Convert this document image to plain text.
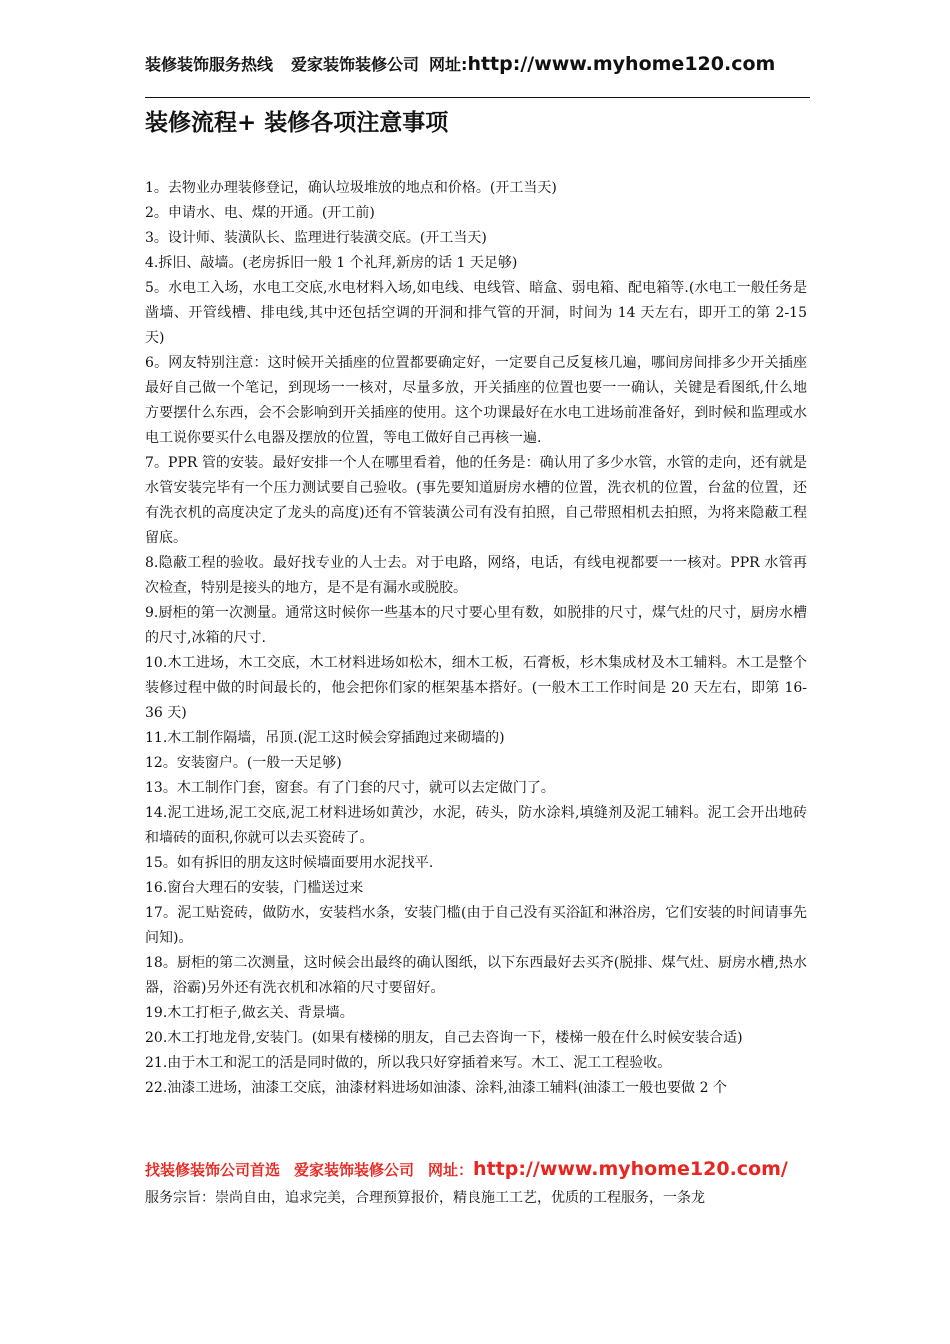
装修装饰服务热线 爱家装饰装修公司 网址:http://www.myhome120.com
装修流程+ 装修各项注意事项

1。去物业办理装修登记，确认垃圾堆放的地点和价格。(开工当天)

2。申请水、电、煤的开通。(开工前)

3。设计师、装潢队长、监理进行装潢交底。(开工当天)

4.拆旧、敲墙。(老房拆旧一般 1 个礼拜,新房的话 1 天足够)

5。水电工入场，水电工交底,水电材料入场,如电线、电线管、暗盒、弱电箱、配电箱等.(水电工一般任务是凿墙、开管线槽、排电线,其中还包括空调的开洞和排气管的开洞，时间为 14 天左右，即开工的第 2-15 天)

6。网友特别注意：这时候开关插座的位置都要确定好，一定要自己反复核几遍，哪间房间排多少开关插座最好自己做一个笔记，到现场一一核对，尽量多放，开关插座的位置也要一一确认，关键是看图纸,什么地方要摆什么东西，会不会影响到开关插座的使用。这个功课最好在水电工进场前准备好，到时候和监理或水电工说你要买什么电器及摆放的位置，等电工做好自己再核一遍.

7。PPR 管的安装。最好安排一个人在哪里看着，他的任务是：确认用了多少水管，水管的走向，还有就是水管安装完毕有一个压力测试要自己验收。(事先要知道厨房水槽的位置，洗衣机的位置，台盆的位置，还有洗衣机的高度决定了龙头的高度)还有不管装潢公司有没有拍照，自己带照相机去拍照，为将来隐蔽工程留底。

8.隐蔽工程的验收。最好找专业的人士去。对于电路，网络，电话，有线电视都要一一核对。PPR 水管再次检查，特别是接头的地方，是不是有漏水或脱胶。

9.厨柜的第一次测量。通常这时候你一些基本的尺寸要心里有数，如脱排的尺寸，煤气灶的尺寸，厨房水槽的尺寸,冰箱的尺寸.

10.木工进场，木工交底，木工材料进场如松木，细木工板，石膏板，杉木集成材及木工辅料。木工是整个装修过程中做的时间最长的，他会把你们家的框架基本搭好。(一般木工工作时间是 20 天左右，即第 16-36 天)

11.木工制作隔墙，吊顶.(泥工这时候会穿插跑过来砌墙的)

12。安装窗户。(一般一天足够)

13。木工制作门套，窗套。有了门套的尺寸，就可以去定做门了。

14.泥工进场,泥工交底,泥工材料进场如黄沙，水泥，砖头，防水涂料,填缝剂及泥工辅料。泥工会开出地砖和墙砖的面积,你就可以去买瓷砖了。

15。如有拆旧的朋友这时候墙面要用水泥找平.

16.窗台大理石的安装，门槛送过来

17。泥工贴瓷砖，做防水，安装档水条，安装门槛(由于自己没有买浴缸和淋浴房，它们安装的时间请事先问知)。

18。厨柜的第二次测量，这时候会出最终的确认图纸，以下东西最好去买齐(脱排、煤气灶、厨房水槽,热水器，浴霸)另外还有洗衣机和冰箱的尺寸要留好。

19.木工打柜子,做玄关、背景墙。

20.木工打地龙骨,安装门。(如果有楼梯的朋友，自己去咨询一下，楼梯一般在什么时候安装合适)

21.由于木工和泥工的活是同时做的，所以我只好穿插着来写。木工、泥工工程验收。

22.油漆工进场，油漆工交底，油漆材料进场如油漆、涂料,油漆工辅料(油漆工一般也要做 2 个

找装修装饰公司首选 爱家装饰装修公司 网址：http://www.myhome120.com/
服务宗旨：崇尚自由，追求完美，合理预算报价，精良施工工艺，优质的工程服务，一条龙
